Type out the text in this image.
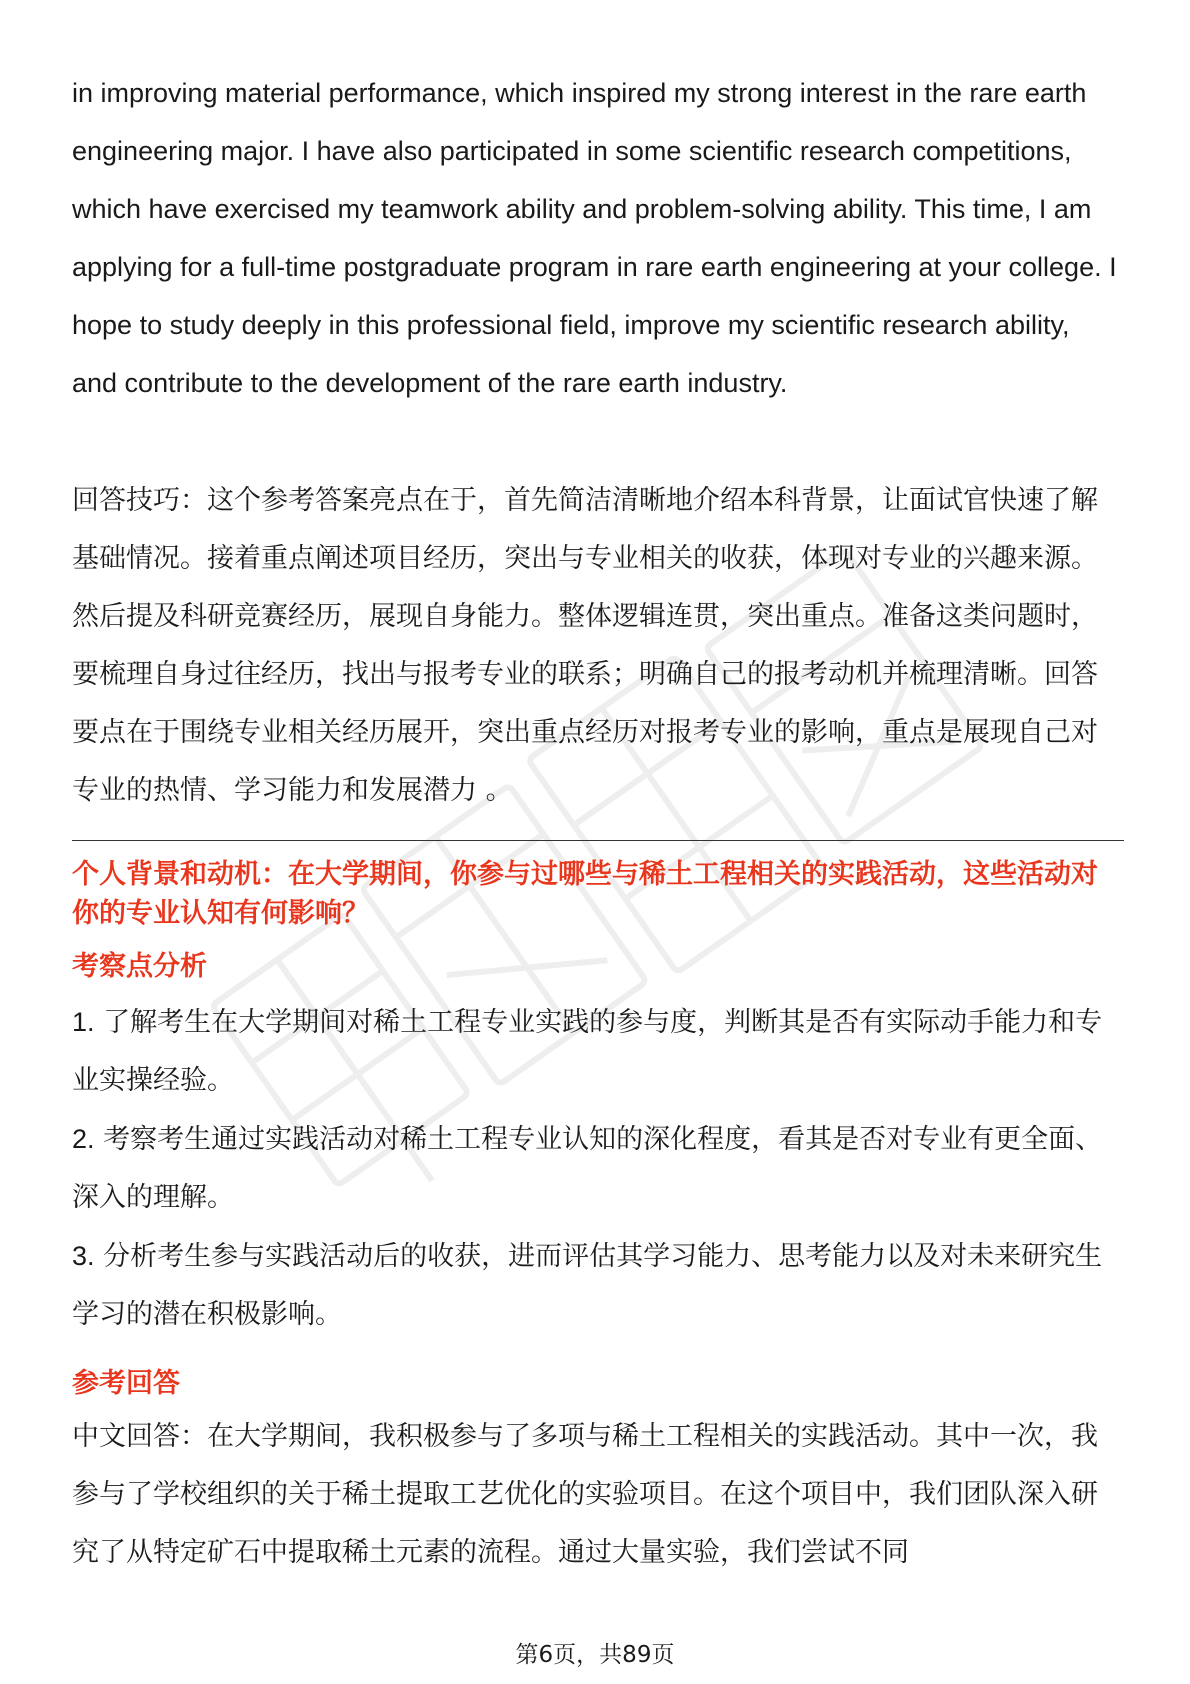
in improving material performance, which inspired my strong interest in the rare earth engineering major. I have also participated in some scientific research competitions, which have exercised my teamwork ability and problem-solving ability. This time, I am applying for a full-time postgraduate program in rare earth engineering at your college. I hope to study deeply in this professional field, improve my scientific research ability, and contribute to the development of the rare earth industry.

回答技巧：这个参考答案亮点在于，首先简洁清晰地介绍本科背景，让面试官快速了解基础情况。接着重点阐述项目经历，突出与专业相关的收获，体现对专业的兴趣来源。然后提及科研竞赛经历，展现自身能力。整体逻辑连贯，突出重点。准备这类问题时，要梳理自身过往经历，找出与报考专业的联系；明确自己的报考动机并梳理清晰。回答要点在于围绕专业相关经历展开，突出重点经历对报考专业的影响，重点是展现自己对专业的热情、学习能力和发展潜力 。

个人背景和动机：在大学期间，你参与过哪些与稀土工程相关的实践活动，这些活动对你的专业认知有何影响？

考察点分析

1. 了解考生在大学期间对稀土工程专业实践的参与度，判断其是否有实际动手能力和专业实操经验。

2. 考察考生通过实践活动对稀土工程专业认知的深化程度，看其是否对专业有更全面、深入的理解。

3. 分析考生参与实践活动后的收获，进而评估其学习能力、思考能力以及对未来研究生学习的潜在积极影响。

参考回答

中文回答：在大学期间，我积极参与了多项与稀土工程相关的实践活动。其中一次，我参与了学校组织的关于稀土提取工艺优化的实验项目。在这个项目中，我们团队深入研究了从特定矿石中提取稀土元素的流程。通过大量实验，我们尝试不同

第6页，共89页
